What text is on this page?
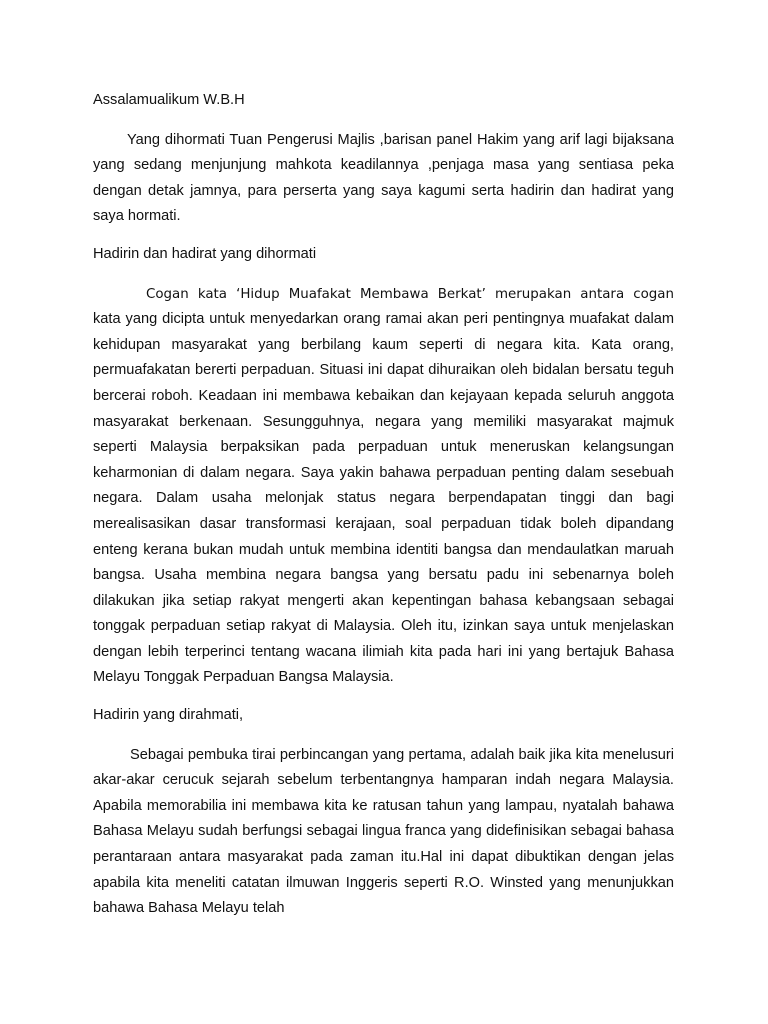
Assalamualikum W.B.H

Yang dihormati Tuan Pengerusi Majlis ,barisan panel Hakim yang arif lagi bijaksana yang sedang menjunjung mahkota keadilannya ,penjaga masa yang sentiasa peka dengan detak jamnya, para perserta yang saya kagumi serta hadirin dan hadirat yang saya hormati.

Hadirin dan hadirat yang dihormati

Cogan kata ‘Hidup Muafakat Membawa Berkat’ merupakan antara cogan

kata yang dicipta untuk menyedarkan orang ramai akan peri pentingnya muafakat dalam kehidupan masyarakat yang berbilang kaum seperti di negara kita. Kata orang, permuafakatan bererti perpaduan. Situasi ini dapat dihuraikan oleh bidalan bersatu teguh bercerai roboh. Keadaan ini membawa kebaikan dan kejayaan kepada seluruh anggota masyarakat berkenaan. Sesungguhnya, negara yang memiliki masyarakat majmuk seperti Malaysia berpaksikan pada perpaduan untuk meneruskan kelangsungan keharmonian di dalam negara. Saya yakin bahawa perpaduan penting dalam sesebuah negara. Dalam usaha melonjak status negara berpendapatan tinggi dan bagi merealisasikan dasar transformasi kerajaan, soal perpaduan tidak boleh dipandang enteng kerana bukan mudah untuk membina identiti bangsa dan mendaulatkan maruah bangsa. Usaha membina negara bangsa yang bersatu padu ini sebenarnya boleh dilakukan jika setiap rakyat mengerti akan kepentingan bahasa kebangsaan sebagai tonggak perpaduan setiap rakyat di Malaysia. Oleh itu, izinkan saya untuk menjelaskan dengan lebih terperinci tentang wacana ilimiah kita pada hari ini yang bertajuk Bahasa Melayu Tonggak Perpaduan Bangsa Malaysia.

Hadirin yang dirahmati,

Sebagai pembuka tirai perbincangan yang pertama, adalah baik jika kita menelusuri akar-akar cerucuk sejarah sebelum terbentangnya hamparan indah negara Malaysia. Apabila memorabilia ini membawa kita ke ratusan tahun yang lampau, nyatalah bahawa Bahasa Melayu sudah berfungsi sebagai lingua franca yang didefinisikan sebagai bahasa perantaraan antara masyarakat pada zaman itu.Hal ini dapat dibuktikan dengan jelas apabila kita meneliti catatan ilmuwan Inggeris seperti R.O. Winsted yang menunjukkan bahawa Bahasa Melayu telah
